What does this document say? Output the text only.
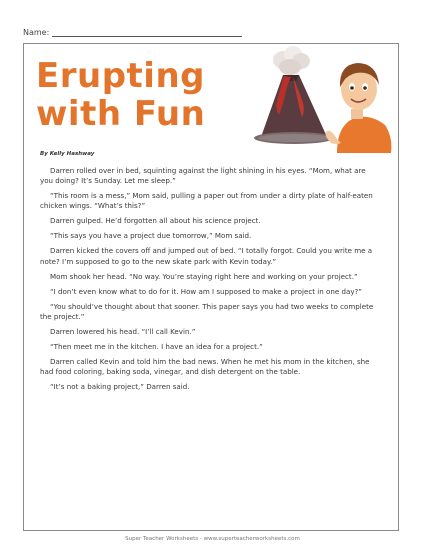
Name:
Erupting
with Fun
By Kelly Hashway

Darren rolled over in bed, squinting against the light shining in his eyes. “Mom, what are you doing? It’s Sunday. Let me sleep.”

“This room is a mess,” Mom said, pulling a paper out from under a dirty plate of half-eaten chicken wings. “What’s this?”

Darren gulped. He’d forgotten all about his science project.

“This says you have a project due tomorrow,” Mom said.

Darren kicked the covers off and jumped out of bed. “I totally forgot. Could you write me a note? I’m supposed to go to the new skate park with Kevin today.”

Mom shook her head. “No way. You’re staying right here and working on your project.”

“I don’t even know what to do for it. How am I supposed to make a project in one day?”

“You should’ve thought about that sooner. This paper says you had two weeks to complete the project.”

Darren lowered his head. “I’ll call Kevin.”

“Then meet me in the kitchen. I have an idea for a project.”

Darren called Kevin and told him the bad news. When he met his mom in the kitchen, she had food coloring, baking soda, vinegar, and dish detergent on the table.

“It’s not a baking project,” Darren said.

Super Teacher Worksheets - www.superteacherworksheets.com
